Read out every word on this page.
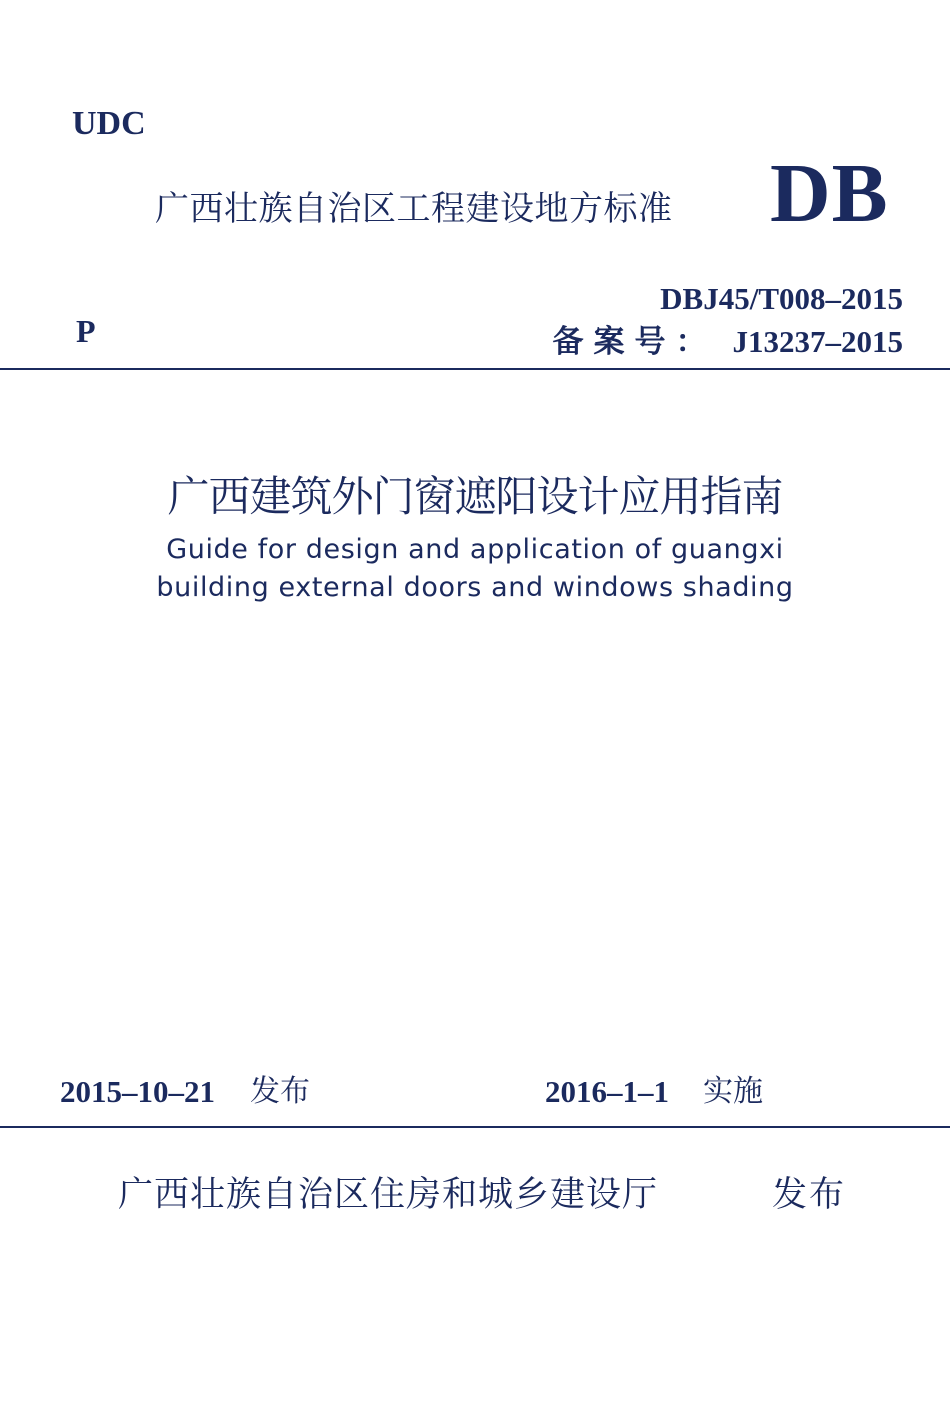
UDC
广西壮族自治区工程建设地方标准 DB
P
DBJ45/T008–2015
备案号： J13237–2015
广西建筑外门窗遮阳设计应用指南
Guide for design and application of guangxi
building external doors and windows shading
2015–10–21 发布	2016–1–1 实施
广西壮族自治区住房和城乡建设厅	发布
